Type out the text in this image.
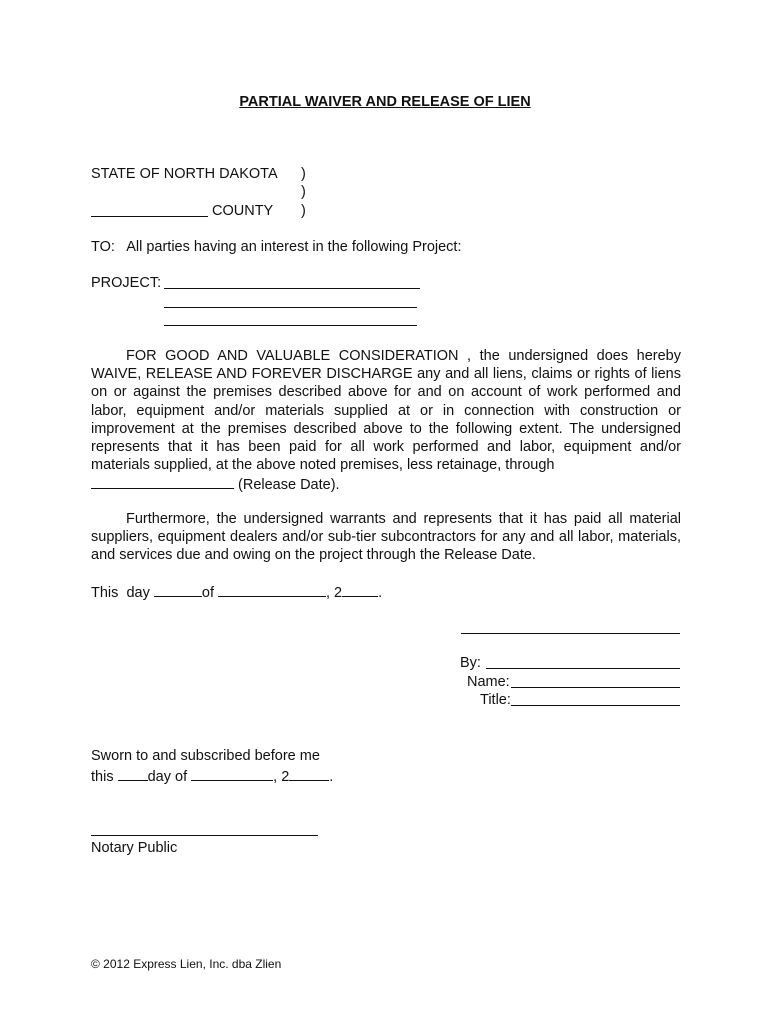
PARTIAL WAIVER AND RELEASE OF LIEN
STATE OF NORTH DAKOTA )
)
COUNTY )
TO:   All parties having an interest in the following Project:
PROJECT:
FOR GOOD AND VALUABLE CONSIDERATION , the undersigned does hereby WAIVE, RELEASE AND FOREVER DISCHARGE any and all liens, claims or rights of liens on or against the premises described above for and on account of work performed and labor, equipment and/or materials supplied at or in connection with construction or improvement at the premises described above to the following extent. The undersigned represents that it has been paid for all work performed and labor, equipment and/or materials supplied, at the above noted premises, less retainage, through
(Release Date).
Furthermore, the undersigned warrants and represents that it has paid all material suppliers, equipment dealers and/or sub-tier subcontractors for any and all labor, materials, and services due and owing on the project through the Release Date.
This  day	of	, 2 .
By:
Name:
Title:
Sworn to and subscribed before me
this day of	, 2	.
Notary Public
© 2012 Express Lien, Inc. dba Zlien
